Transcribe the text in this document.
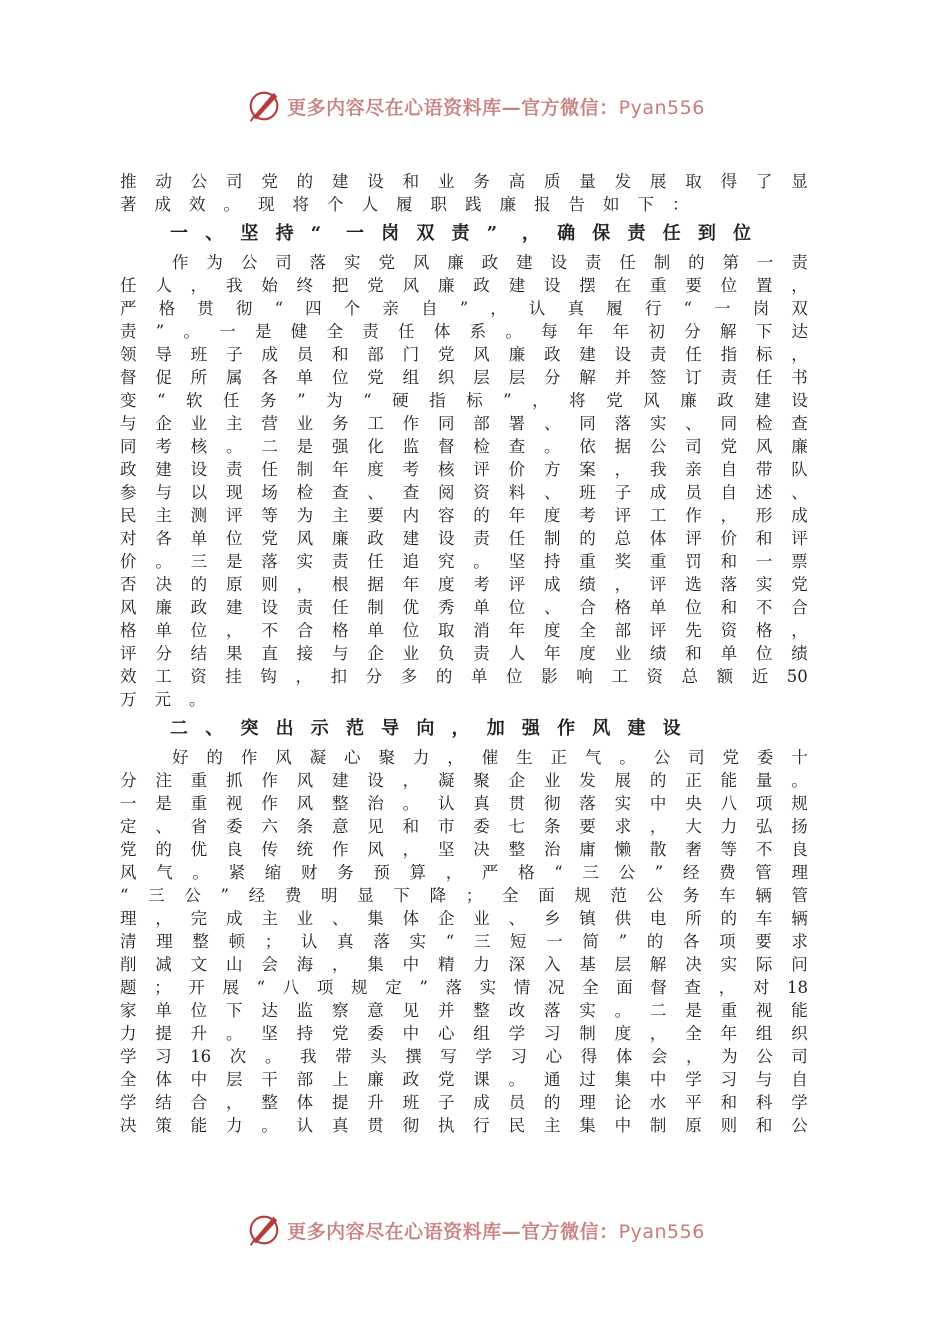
更多内容尽在心语资料库—官方微信：Pyan556
推 动 公 司 党 的 建 设 和 业 务 高 质 量 发 展 取 得 了 显
著	成	效	。	现	将	个	人	履	职	践	廉	报	告	如	下	：
一 、 坚 持 “	一 岗 双 责 ”	， 确 保 责 任 到 位
作 为 公 司 落 实 党 风 廉 政 建 设 责 任 制 的 第 一 责
任 人 ， 我 始 终 把 党 风 廉 政 建 设 摆 在 重 要 位 置 ，
严 格 贯 彻 “ 四 个 亲 自 ” ， 认 真 履 行 “ 一 岗 双
责 ” 。 一 是 健 全 责 任 体 系 。 每 年 年 初 分 解 下 达
领 导 班 子 成 员 和 部 门 党 风 廉 政 建 设 责 任 指 标 ，
督 促 所 属 各 单 位 党 组 织 层 层 分 解 并 签 订 责 任 书
变 “ 软 任 务 ” 为 “ 硬 指 标 ” ， 将 党 风 廉 政 建 设
与 企 业 主 营 业 务 工 作 同 部 署 、 同 落 实 、 同 检 查
同 考 核 。 二 是 强 化 监 督 检 查 。 依 据 公 司 党 风 廉
政 建 设 责 任 制 年 度 考 核 评 价 方 案 ， 我 亲 自 带 队
参 与 以 现 场 检 查 、 查 阅 资 料 、 班 子 成 员 自 述 、
民 主 测 评 等 为 主 要 内 容 的 年 度 考 评 工 作 ， 形 成
对 各 单 位 党 风 廉 政 建 设 责 任 制 的 总 体 评 价 和 评
价 。 三 是 落 实 责 任 追 究 。 坚 持 重 奖 重 罚 和 一 票
否 决 的 原 则 ， 根 据 年 度 考 评 成 绩 ， 评 选 落 实 党
风 廉 政 建 设 责 任 制 优 秀 单 位 、 合 格 单 位 和 不 合
格 单 位 ， 不 合 格 单 位 取 消 年 度 全 部 评 先 资 格 ，
评 分 结 果 直 接 与 企 业 负 责 人 年 度 业 绩 和 单 位 绩
效 工 资 挂 钩 ， 扣 分 多 的 单 位 影 响 工 资 总 额 近 50
万	元	。
二 、 突 出 示 范 导 向 ， 加 强 作 风 建 设
好 的 作 风 凝 心 聚 力 ， 催 生 正 气 。 公 司 党 委 十
分 注 重 抓 作 风 建 设 ， 凝 聚 企 业 发 展 的 正 能 量 。
一 是 重 视 作 风 整 治 。 认 真 贯 彻 落 实 中 央 八 项 规
定 、 省 委 六 条 意 见 和 市 委 七 条 要 求 ， 大 力 弘 扬
党 的 优 良 传 统 作 风 ， 坚 决 整 治 庸 懒 散 奢 等 不 良
风 气 。 紧 缩 财 务 预 算 ， 严 格 “ 三 公 ” 经 费 管 理
“ 三 公 ” 经 费 明 显 下 降 ； 全 面 规 范 公 务 车 辆 管
理 ， 完 成 主 业 、 集 体 企 业 、 乡 镇 供 电 所 的 车 辆
清 理 整 顿 ； 认 真 落 实 “ 三 短 一 简 ” 的 各 项 要 求
削 减 文 山 会 海 ， 集 中 精 力 深 入 基 层 解 决 实 际 问
题 ； 开 展 “ 八 项 规 定 ” 落 实 情 况 全 面 督 查 ， 对 18
家 单 位 下 达 监 察 意 见 并 整 改 落 实 。 二 是 重 视 能
力 提 升 。 坚 持 党 委 中 心 组 学 习 制 度 ， 全 年 组 织
学 习 16 次 。 我 带 头 撰 写 学 习 心 得 体 会 ， 为 公 司
全 体 中 层 干 部 上 廉 政 党 课 。 通 过 集 中 学 习 与 自
学 结 合 ， 整 体 提 升 班 子 成 员 的 理 论 水 平 和 科 学
决 策 能 力 。 认 真 贯 彻 执 行 民 主 集 中 制 原 则 和 公
更多内容尽在心语资料库—官方微信：Pyan556
